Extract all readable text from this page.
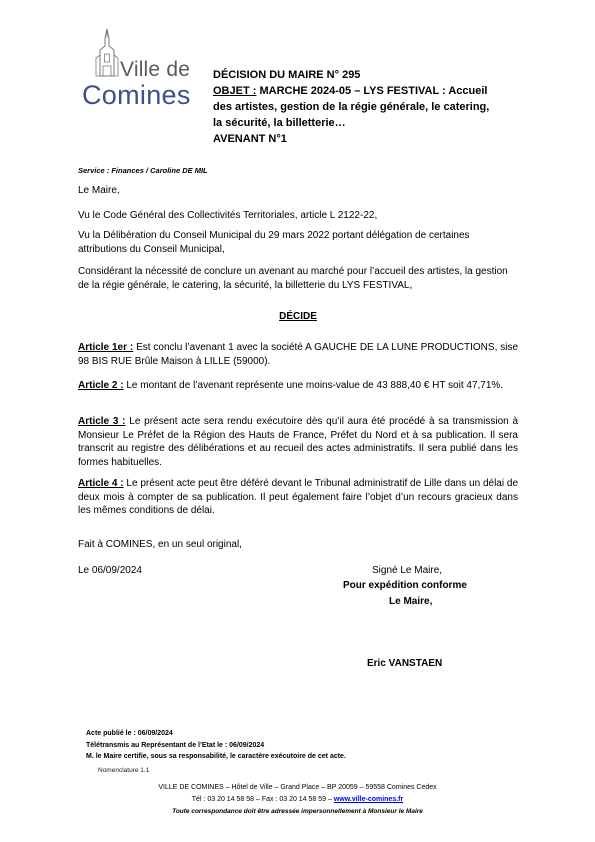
Ville de
Comines
DÉCISION DU MAIRE N° 295
OBJET : MARCHE 2024-05 – LYS FESTIVAL : Accueil
des artistes, gestion de la régie générale, le catering,
la sécurité, la billetterie…
AVENANT N°1
Service : Finances / Caroline DE MIL
Le Maire,
Vu le Code Général des Collectivités Territoriales, article L 2122-22,
Vu la Délibération du Conseil Municipal du 29 mars 2022 portant délégation de certaines attributions du Conseil Municipal,
Considérant la nécessité de conclure un avenant au marché pour l’accueil des artistes, la gestion de la régie générale, le catering, la sécurité, la billetterie du LYS FESTIVAL,
DÉCIDE
Article 1er : Est conclu l’avenant 1 avec la société A GAUCHE DE LA LUNE PRODUCTIONS, sise 98 BIS RUE Brûle Maison à LILLE (59000).
Article 2 : Le montant de l’avenant représente une moins-value de 43 888,40 € HT soit 47,71%.
Article 3 : Le présent acte sera rendu exécutoire dès qu’il aura été procédé à sa transmission à Monsieur Le Préfet de la Région des Hauts de France, Préfet du Nord et à sa publication. Il sera transcrit au registre des délibérations et au recueil des actes administratifs. Il sera publié dans les formes habituelles.
Article 4 : Le présent acte peut être déféré devant le Tribunal administratif de Lille dans un délai de deux mois à compter de sa publication. Il peut également faire l’objet d’un recours gracieux dans les mêmes conditions de délai.
Fait à COMINES, en un seul original,
Le 06/09/2024	Signé Le Maire,
Pour expédition conforme
Le Maire,
Eric VANSTAEN
Acte publié le : 06/09/2024
Télétransmis au Représentant de l’Etat le : 06/09/2024
M. le Maire certifie, sous sa responsabilité, le caractère exécutoire de cet acte.
Nomenclature 1.1
VILLE DE COMINES – Hôtel de Ville – Grand Place – BP 20059 – 59558 Comines Cedex
Tél : 03 20 14 58 58 – Fax : 03 20 14 58 59 – www.ville-comines.fr
Toute correspondance doit être adressée impersonnellement à Monsieur le Maire
